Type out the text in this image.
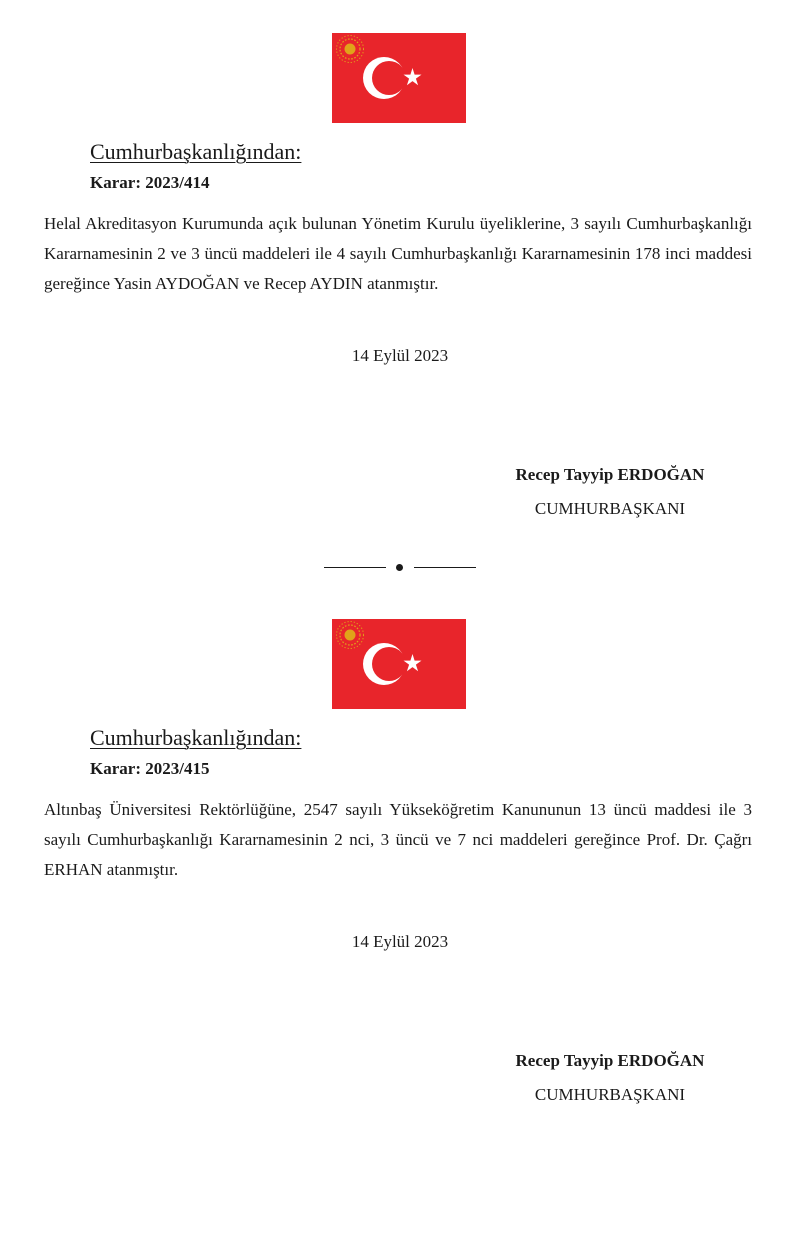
Cumhurbaşkanlığından:
Karar: 2023/414

Helal Akreditasyon Kurumunda açık bulunan Yönetim Kurulu üyeliklerine, 3 sayılı Cumhurbaşkanlığı Kararnamesinin 2 ve 3 üncü maddeleri ile 4 sayılı Cumhurbaşkanlığı Kararnamesinin 178 inci maddesi gereğince Yasin AYDOĞAN ve Recep AYDIN atanmıştır.

14 Eylül 2023
Recep Tayyip ERDOĞAN
CUMHURBAŞKANI
Cumhurbaşkanlığından:
Karar: 2023/415

Altınbaş Üniversitesi Rektörlüğüne, 2547 sayılı Yükseköğretim Kanununun 13 üncü maddesi ile 3 sayılı Cumhurbaşkanlığı Kararnamesinin 2 nci, 3 üncü ve 7 nci maddeleri gereğince Prof. Dr. Çağrı ERHAN atanmıştır.

14 Eylül 2023
Recep Tayyip ERDOĞAN
CUMHURBAŞKANI
